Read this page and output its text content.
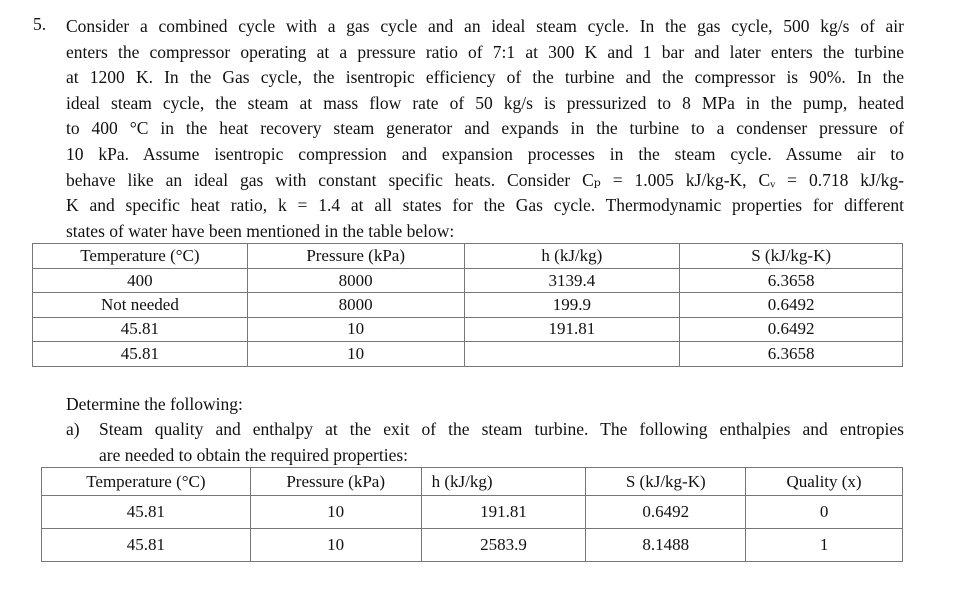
5. Consider a combined cycle with a gas cycle and an ideal steam cycle. In the gas cycle, 500 kg/s of air
enters the compressor operating at a pressure ratio of 7:1 at 300 K and 1 bar and later enters the turbine
at 1200 K. In the Gas cycle, the isentropic efficiency of the turbine and the compressor is 90%. In the
ideal steam cycle, the steam at mass flow rate of 50 kg/s is pressurized to 8 MPa in the pump, heated
to 400 °C in the heat recovery steam generator and expands in the turbine to a condenser pressure of
10 kPa. Assume isentropic compression and expansion processes in the steam cycle. Assume air to
behave like an ideal gas with constant specific heats. Consider Cₚ = 1.005 kJ/kg-K, Cᵥ = 0.718 kJ/kg-
K and specific heat ratio, k = 1.4 at all states for the Gas cycle. Thermodynamic properties for different
states of water have been mentioned in the table below:
Temperature (°C)	Pressure (kPa)	h (kJ/kg)	S (kJ/kg-K)
400	8000	3139.4	6.3658
Not needed	8000	199.9	0.6492
45.81	10	191.81	0.6492
45.81	10		6.3658

Determine the following:

a) Steam quality and enthalpy at the exit of the steam turbine. The following enthalpies and entropies
are needed to obtain the required properties:
Temperature (°C)	Pressure (kPa)	h (kJ/kg)	S (kJ/kg-K)	Quality (x)
45.81	10	191.81	0.6492	0
45.81	10	2583.9	8.1488	1
